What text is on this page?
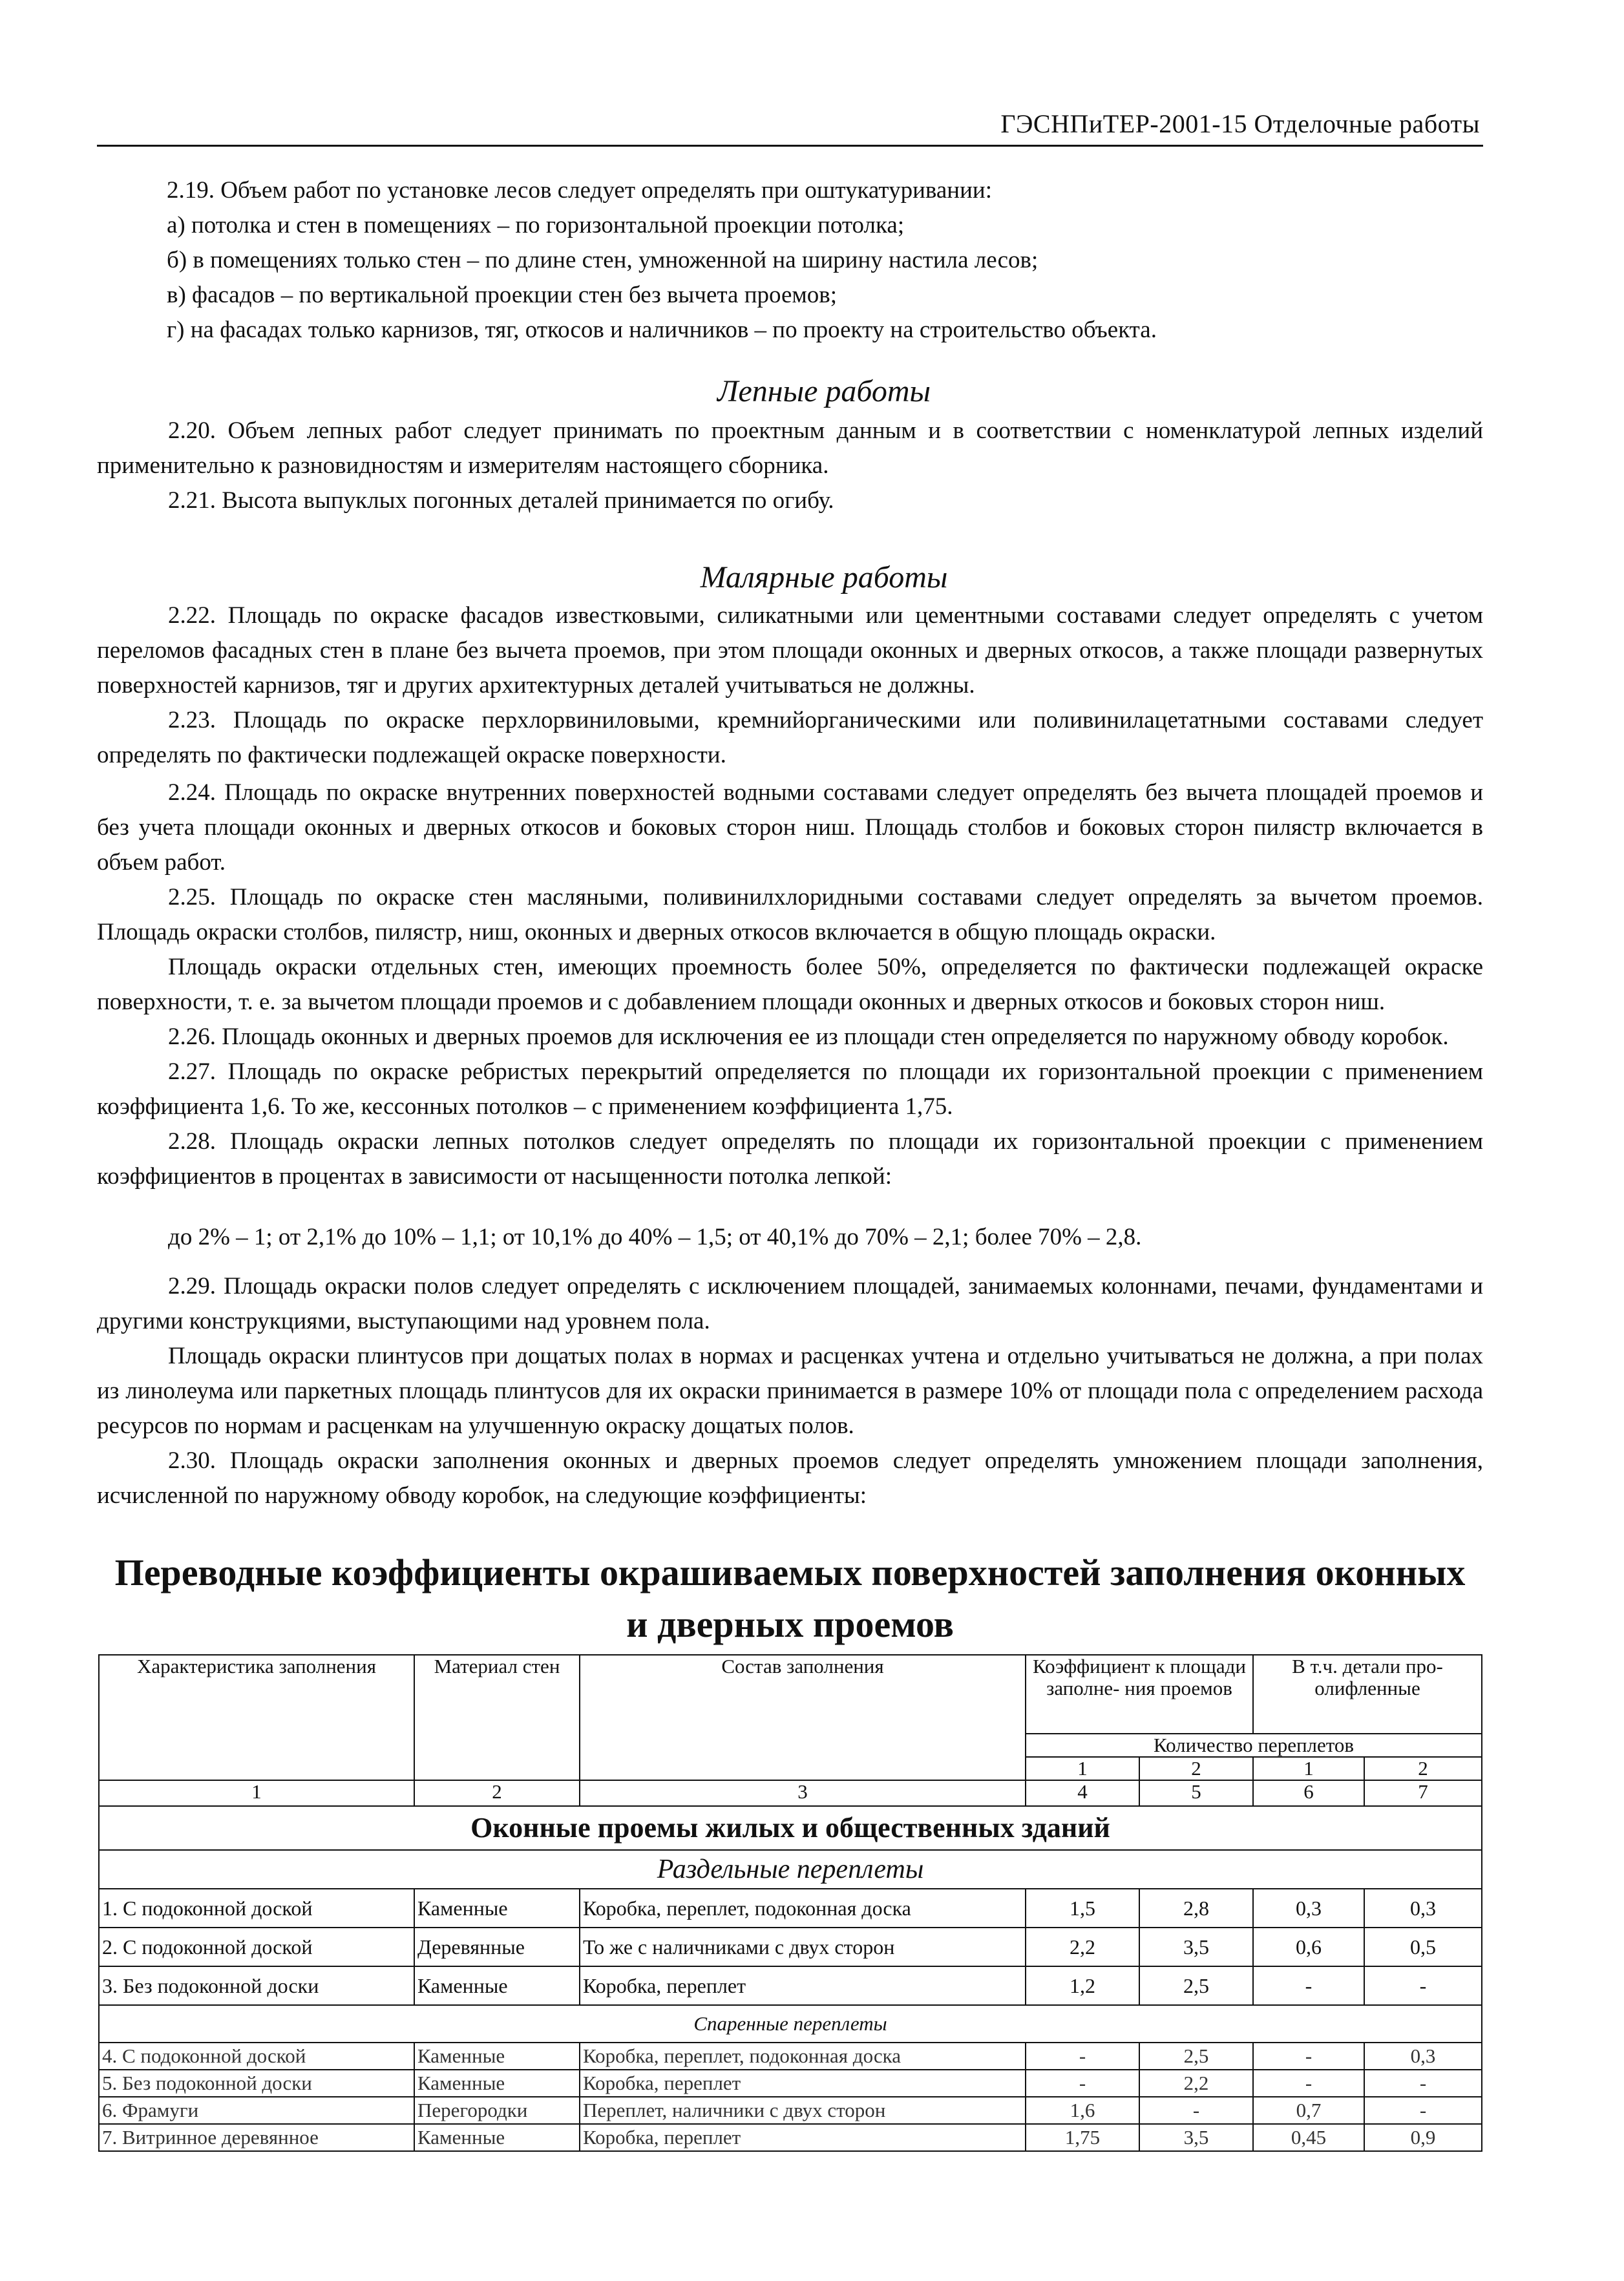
ГЭСНПиТЕР-2001-15 Отделочные работы
2.19. Объем работ по установке лесов следует определять при оштукатуривании:
а) потолка и стен в помещениях – по горизонтальной проекции потолка;
б) в помещениях только стен – по длине стен, умноженной на ширину настила лесов;
в) фасадов – по вертикальной проекции стен без вычета проемов;
г) на фасадах только карнизов, тяг, откосов и наличников – по проекту на строительство объекта.
Лепные работы
2.20. Объем лепных работ следует принимать по проектным данным и в соответствии с номенклатурой лепных изделий применительно к разновидностям и измерителям настоящего сборника.
2.21. Высота выпуклых погонных деталей принимается по огибу.
Малярные работы
2.22. Площадь по окраске фасадов известковыми, силикатными или цементными составами следует определять с учетом переломов фасадных стен в плане без вычета проемов, при этом площади оконных и дверных откосов, а также площади развернутых поверхностей карнизов, тяг и других архитектурных деталей учитываться не должны.
2.23. Площадь по окраске перхлорвиниловыми, кремнийорганическими или поливинилацетатными составами следует определять по фактически подлежащей окраске поверхности.
2.24. Площадь по окраске внутренних поверхностей водными составами следует определять без вычета площадей проемов и без учета площади оконных и дверных откосов и боковых сторон ниш. Площадь столбов и боковых сторон пилястр включается в объем работ.
2.25. Площадь по окраске стен масляными, поливинилхлоридными составами следует определять за вычетом проемов. Площадь окраски столбов, пилястр, ниш, оконных и дверных откосов включается в общую площадь окраски.
Площадь окраски отдельных стен, имеющих проемность более 50%, определяется по фактически подлежащей окраске поверхности, т. е. за вычетом площади проемов и с добавлением площади оконных и дверных откосов и боковых сторон ниш.
2.26. Площадь оконных и дверных проемов для исключения ее из площади стен определяется по наружному обводу коробок.
2.27. Площадь по окраске ребристых перекрытий определяется по площади их горизонтальной проекции с применением коэффициента 1,6. То же, кессонных потолков – с применением коэффициента 1,75.
2.28. Площадь окраски лепных потолков следует определять по площади их горизонтальной проекции с применением коэффициентов в процентах в зависимости от насыщенности потолка лепкой:
до 2% – 1; от 2,1% до 10% – 1,1; от 10,1% до 40% – 1,5; от 40,1% до 70% – 2,1; более 70% – 2,8.
2.29. Площадь окраски полов следует определять с исключением площадей, занимаемых колоннами, печами, фундаментами и другими конструкциями, выступающими над уровнем пола.
Площадь окраски плинтусов при дощатых полах в нормах и расценках учтена и отдельно учитываться не должна, а при полах из линолеума или паркетных площадь плинтусов для их окраски принимается в размере 10% от площади пола с определением расхода ресурсов по нормам и расценкам на улучшенную окраску дощатых полов.
2.30. Площадь окраски заполнения оконных и дверных проемов следует определять умножением площади заполнения, исчисленной по наружному обводу коробок, на следующие коэффициенты:
Переводные коэффициенты окрашиваемых поверхностей заполнения оконных
и дверных проемов
Характеристика заполнения	Материал стен	Состав заполнения	Коэффициент к площади заполне- ния проемов		В т.ч. детали про- олифленные	
			Количество переплетов			
			1	2	1	2
1	2	3	4	5	6	7
Оконные проемы жилых и общественных зданий						
Раздельные переплеты						
1. С подоконной доской	Каменные	Коробка, переплет, подоконная доска	1,5	2,8	0,3	0,3
2. С подоконной доской	Деревянные	То же с наличниками с двух сторон	2,2	3,5	0,6	0,5
3. Без подоконной доски	Каменные	Коробка, переплет	1,2	2,5	-	-
Спаренные переплеты						
4. С подоконной доской	Каменные	Коробка, переплет, подоконная доска	-	2,5	-	0,3
5. Без подоконной доски	Каменные	Коробка, переплет	-	2,2	-	-
6. Фрамуги	Перегородки	Переплет, наличники с двух сторон	1,6	-	0,7	-
7. Витринное деревянное	Каменные	Коробка, переплет	1,75	3,5	0,45	0,9
